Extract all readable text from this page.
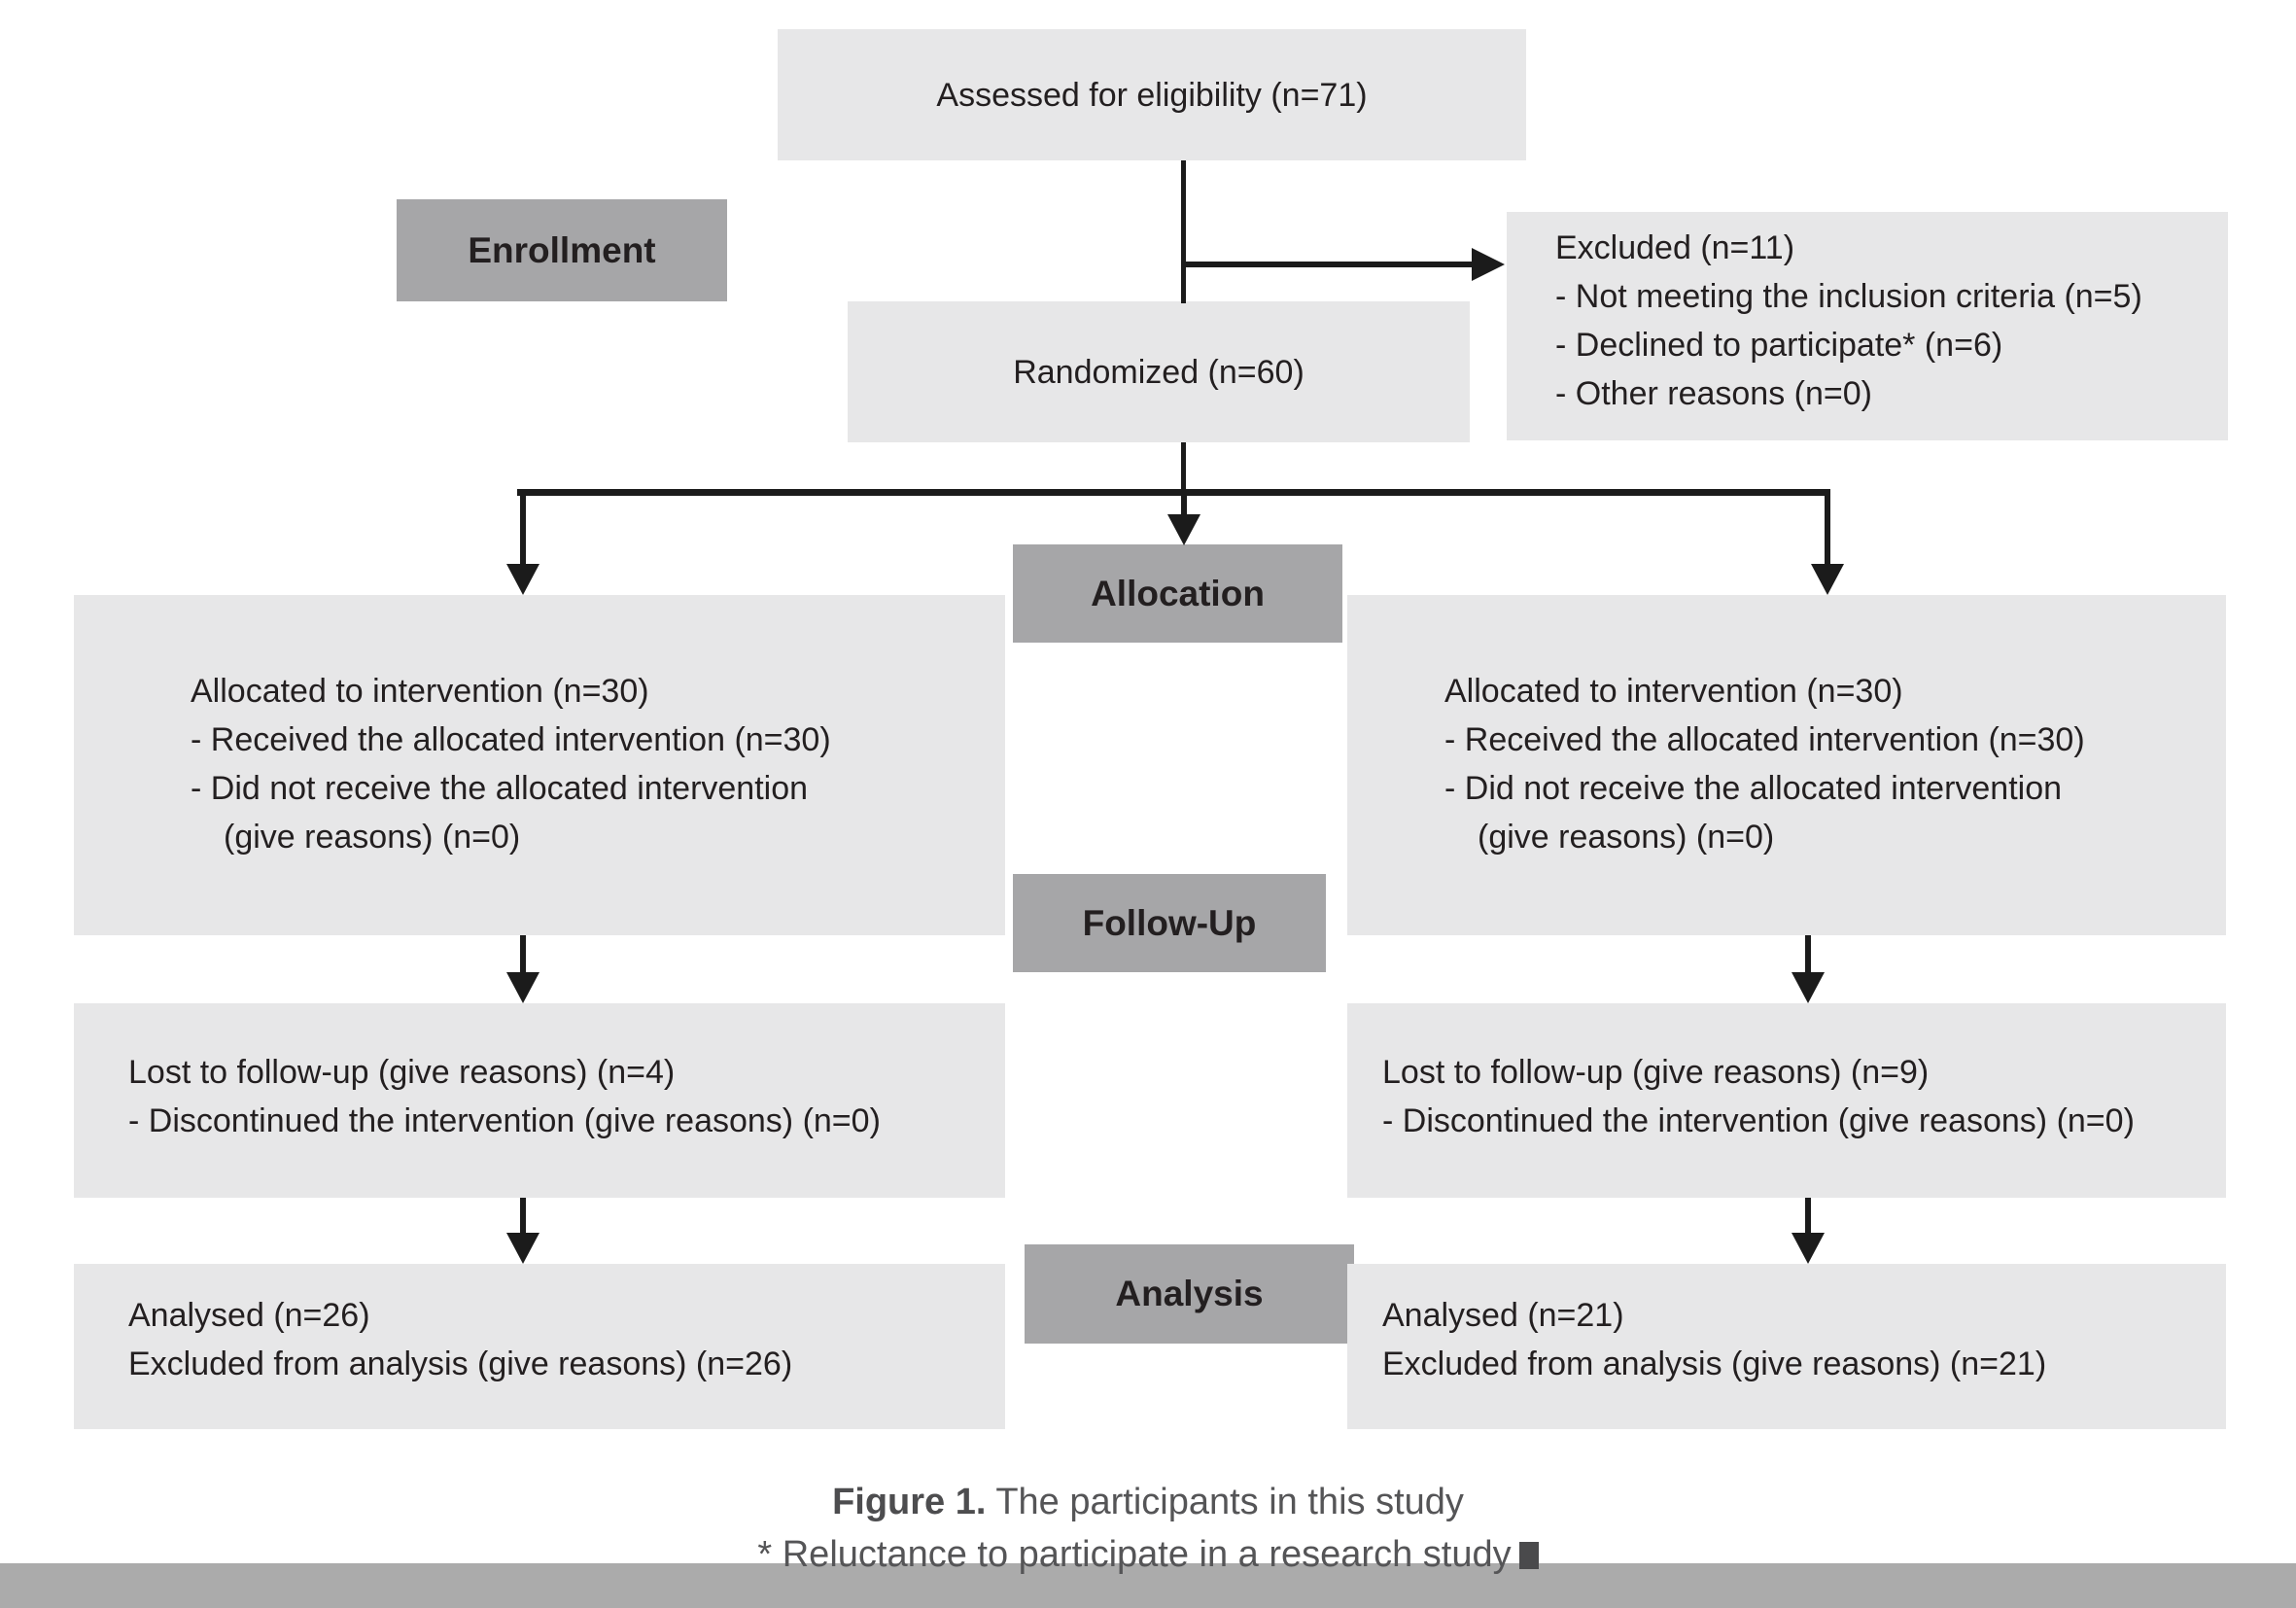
Assessed for eligibility (n=71)
Enrollment
Randomized (n=60)
Excluded (n=11)
- Not meeting the inclusion criteria (n=5)
- Declined to participate* (n=6)
- Other reasons (n=0)
Allocation
Allocated to intervention (n=30)
- Received the allocated intervention (n=30)
- Did not receive the allocated intervention
(give reasons) (n=0)
Allocated to intervention (n=30)
- Received the allocated intervention (n=30)
- Did not receive the allocated intervention
(give reasons) (n=0)
Follow-Up
Lost to follow-up (give reasons) (n=4)
- Discontinued the intervention (give reasons) (n=0)
Lost to follow-up (give reasons) (n=9)
- Discontinued the intervention (give reasons) (n=0)
Analysis
Analysed (n=26)
Excluded from analysis (give reasons) (n=26)
Analysed (n=21)
Excluded from analysis (give reasons) (n=21)
Figure 1. The participants in this study
* Reluctance to participate in a research study
